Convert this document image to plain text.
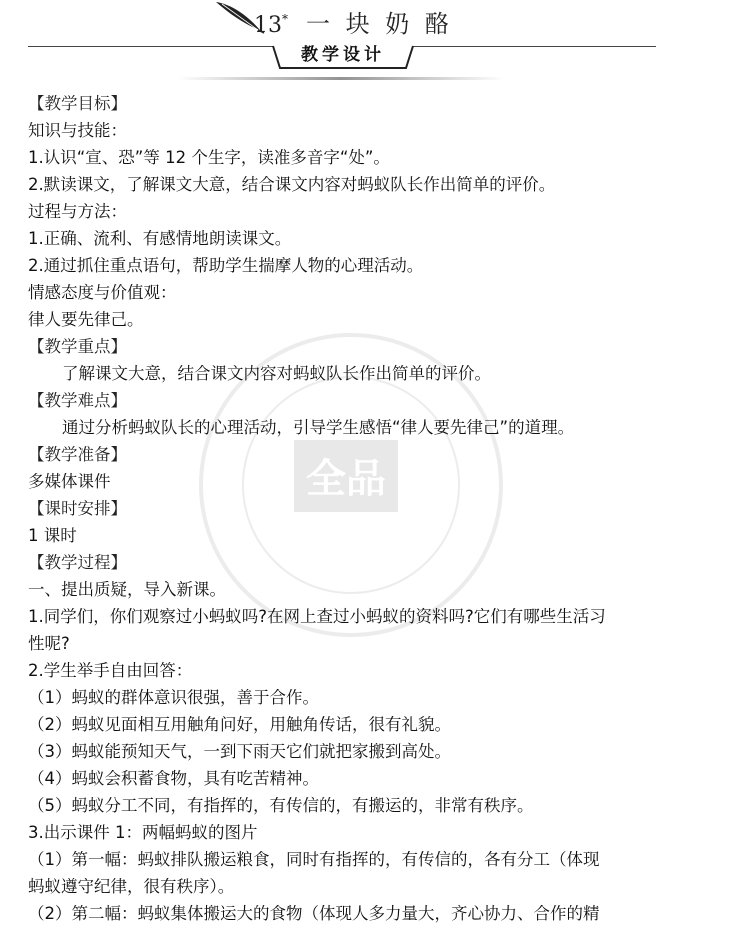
13* 一 块 奶 酪
教学设计
全品
【教学目标】
知识与技能：
1.认识“宣、恐”等 12 个生字，读准多音字“处”。
2.默读课文，了解课文大意，结合课文内容对蚂蚁队长作出简单的评价。
过程与方法：
1.正确、流利、有感情地朗读课文。
2.通过抓住重点语句，帮助学生揣摩人物的心理活动。
情感态度与价值观：
律人要先律己。
【教学重点】
了解课文大意，结合课文内容对蚂蚁队长作出简单的评价。
【教学难点】
通过分析蚂蚁队长的心理活动，引导学生感悟“律人要先律己”的道理。
【教学准备】
多媒体课件
【课时安排】
1 课时
【教学过程】
一、提出质疑，导入新课。
1.同学们，你们观察过小蚂蚁吗?在网上查过小蚂蚁的资料吗?它们有哪些生活习
性呢?
2.学生举手自由回答：
（1）蚂蚁的群体意识很强，善于合作。
（2）蚂蚁见面相互用触角问好，用触角传话，很有礼貌。
（3）蚂蚁能预知天气，一到下雨天它们就把家搬到高处。
（4）蚂蚁会积蓄食物，具有吃苦精神。
（5）蚂蚁分工不同，有指挥的，有传信的，有搬运的，非常有秩序。
3.出示课件 1：两幅蚂蚁的图片
（1）第一幅：蚂蚁排队搬运粮食，同时有指挥的，有传信的，各有分工（体现
蚂蚁遵守纪律，很有秩序）。
（2）第二幅：蚂蚁集体搬运大的食物（体现人多力量大，齐心协力、合作的精
